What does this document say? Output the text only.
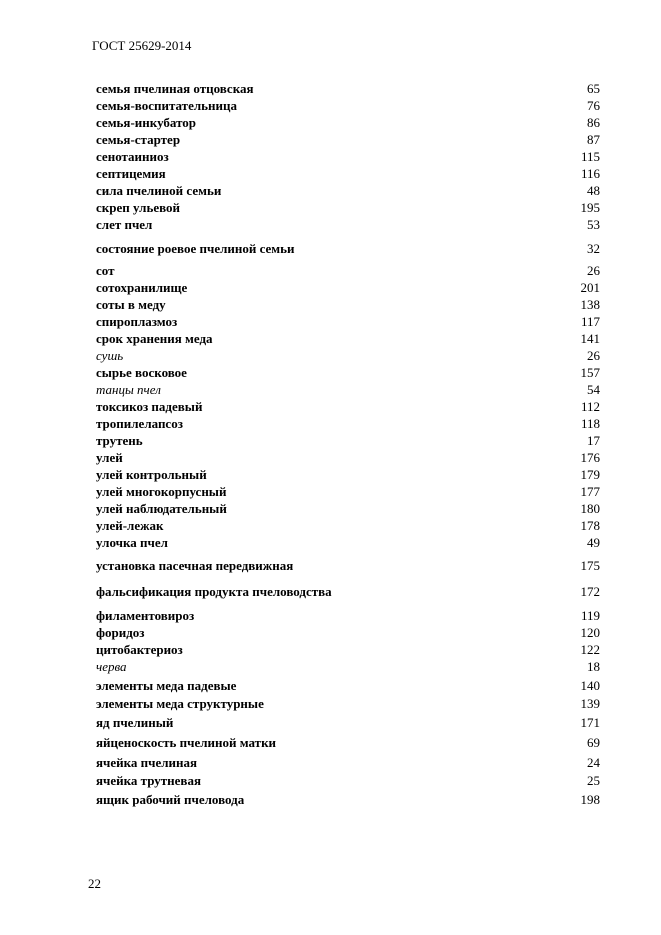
ГОСТ 25629-2014
семья пчелиная отцовская	65
семья-воспитательница	76
семья-инкубатор	86
семья-стартер	87
сенотаиниоз	115
септицемия	116
сила пчелиной семьи	48
скреп ульевой	195
слет пчел	53
состояние роевое пчелиной семьи	32
сот	26
сотохранилище	201
соты в меду	138
спироплазмоз	117
срок хранения меда	141
сушь	26
сырье восковое	157
танцы пчел	54
токсикоз падевый	112
тропилелапсоз	118
трутень	17
улей	176
улей контрольный	179
улей многокорпусный	177
улей наблюдательный	180
улей-лежак	178
улочка пчел	49
установка пасечная передвижная	175
фальсификация продукта пчеловодства	172
филаментовироз	119
форидоз	120
цитобактериоз	122
черва	18
элементы меда падевые	140
элементы меда структурные	139
яд пчелиный	171
яйценоскость пчелиной матки	69
ячейка пчелиная	24
ячейка трутневая	25
ящик рабочий пчеловода	198
22
